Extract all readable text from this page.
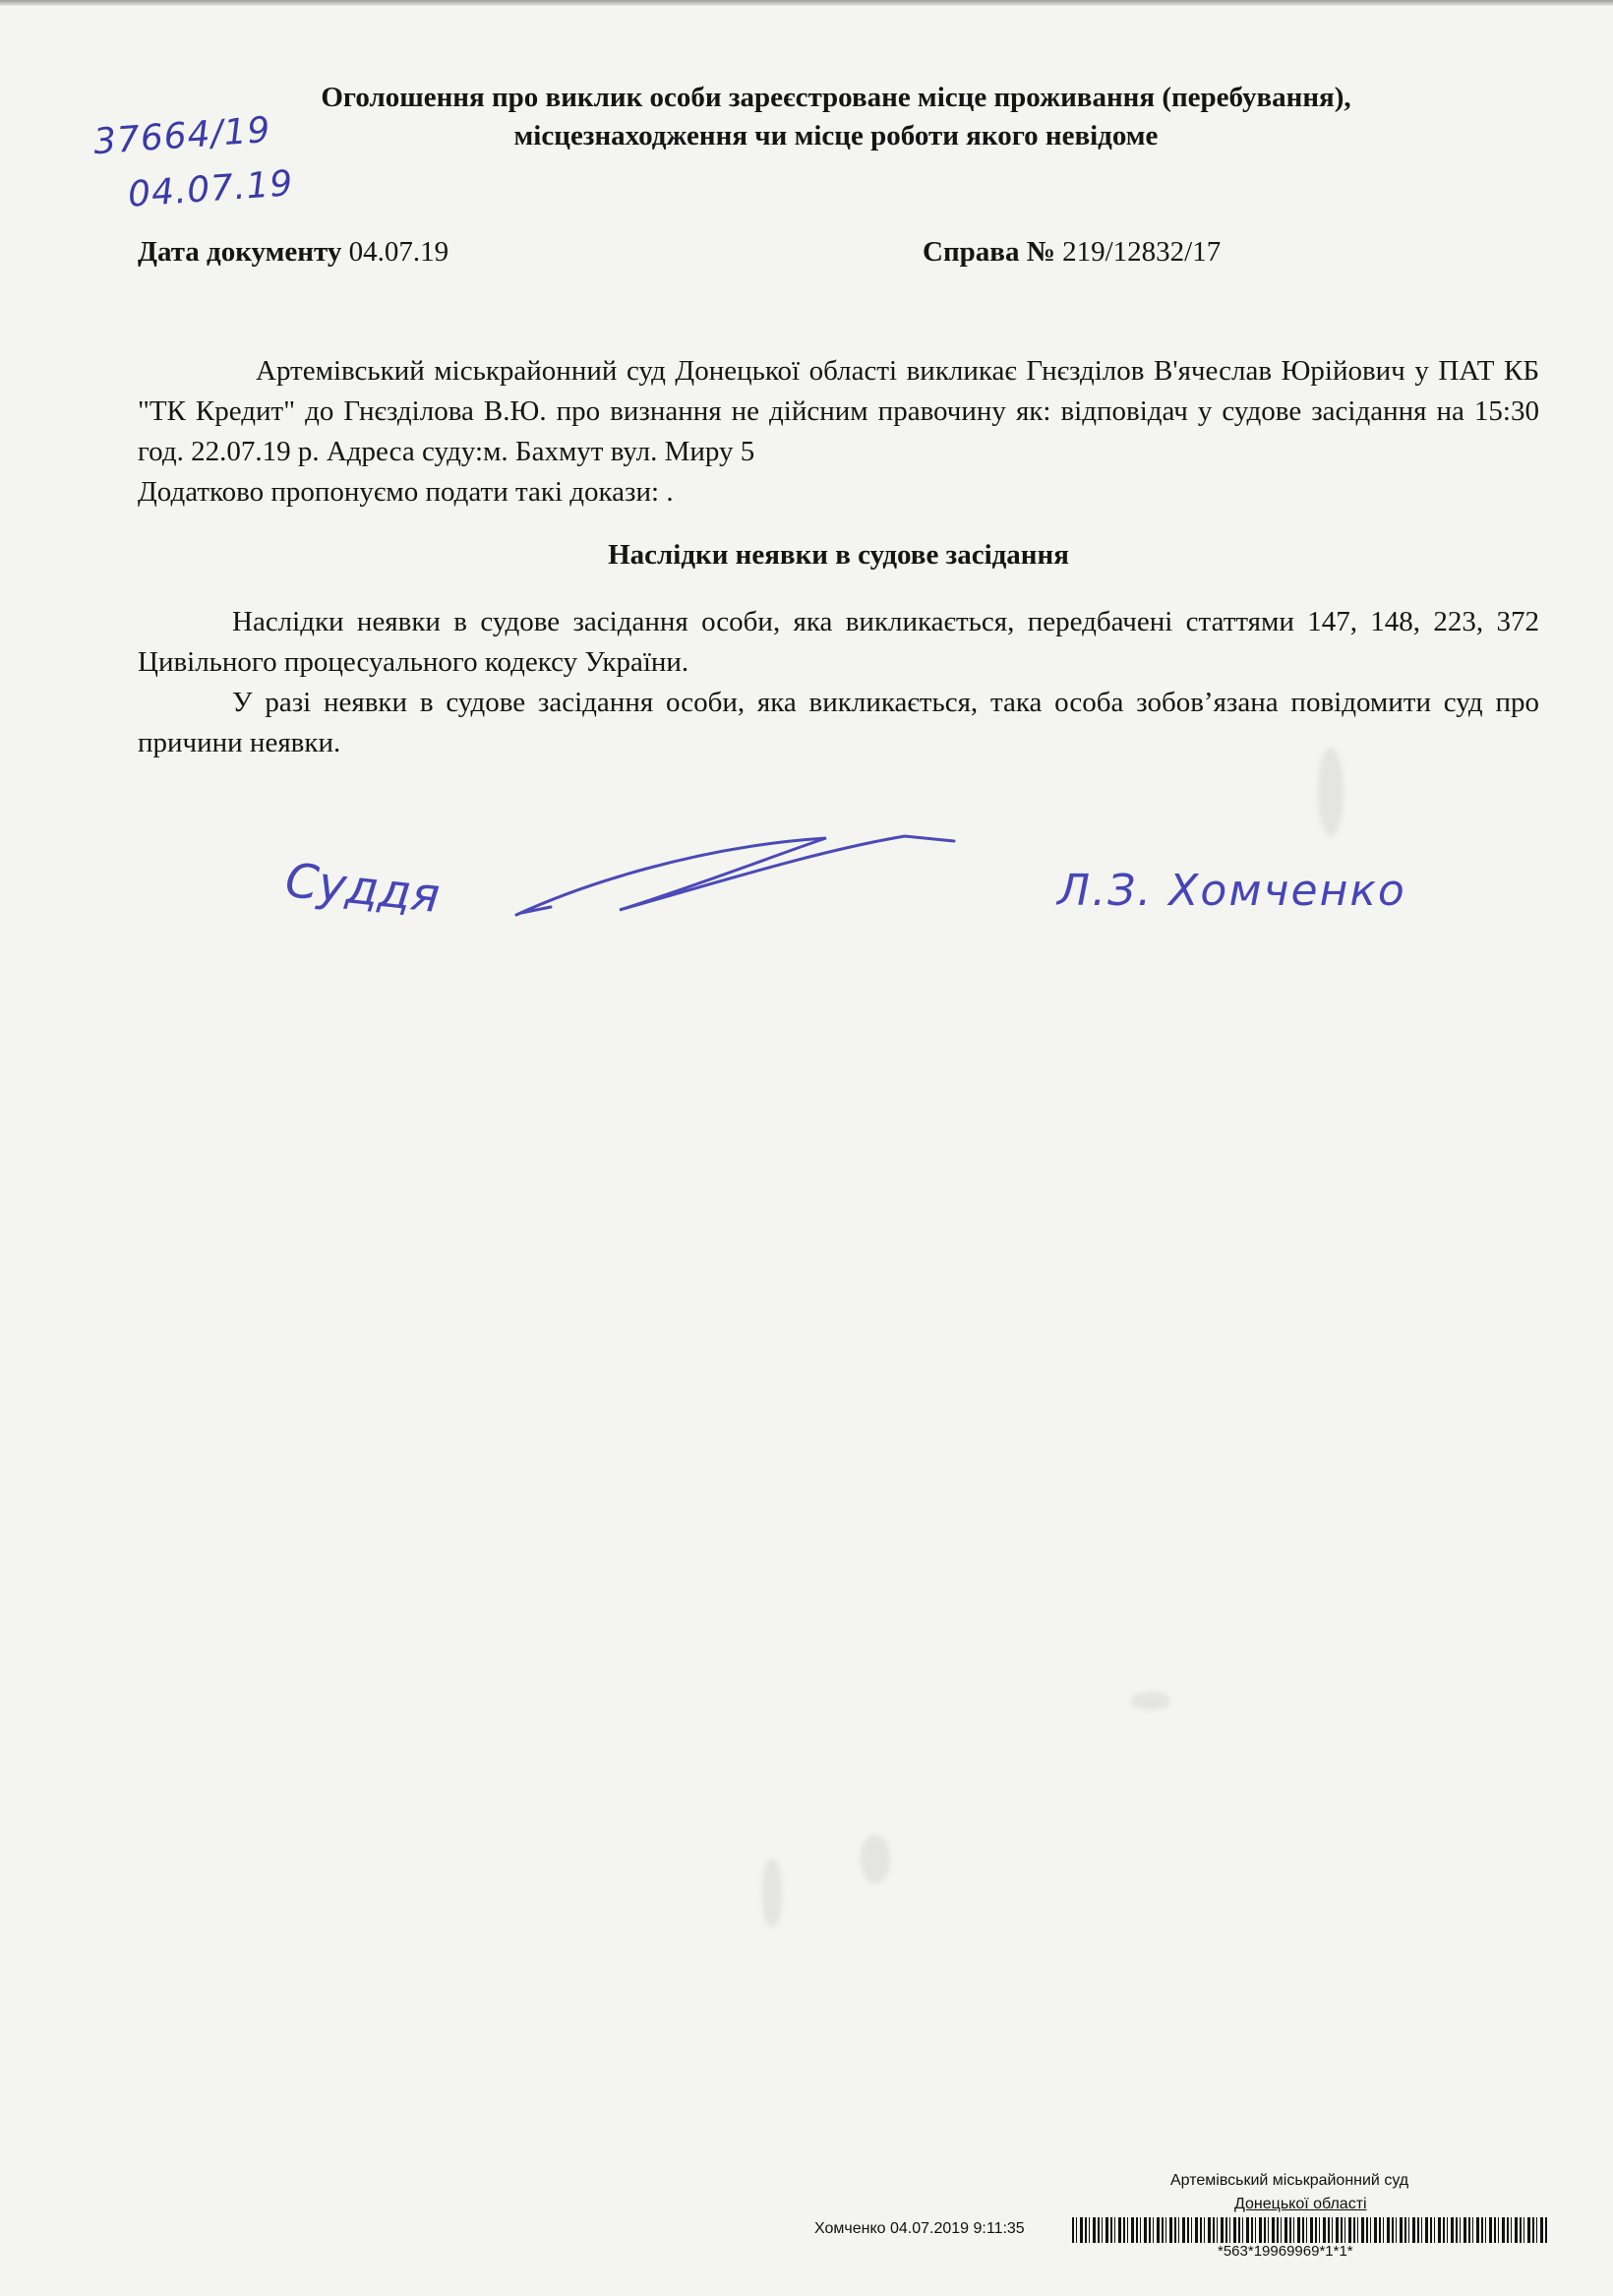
Оголошення про виклик особи зареєстроване місце проживання (перебування),
місцезнаходження чи місце роботи якого невідоме
37664/19
04.07.19
Дата документу 04.07.19	Справа № 219/12832/17

Артемівський міськрайонний суд Донецької області викликає Гнєзділов В'ячеслав Юрійович у ПАТ КБ "ТК Кредит" до Гнєзділова В.Ю. про визнання не дійсним правочину як: відповідач у судове засідання на 15:30 год. 22.07.19 р. Адреса суду:м. Бахмут вул. Миру 5

Додатково пропонуємо подати такі докази: .

Наслідки неявки в судове засідання

Наслідки неявки в судове засідання особи, яка викликається, передбачені статтями 147, 148, 223, 372 Цивільного процесуального кодексу України.

У разі неявки в судове засідання особи, яка викликається, така особа зобов’язана повідомити суд про причини неявки.

Суддя	Л.З. Хомченко
Артемівський міськрайонний суд
Донецької області
Хомченко 04.07.2019 9:11:35
*563*19969969*1*1*
